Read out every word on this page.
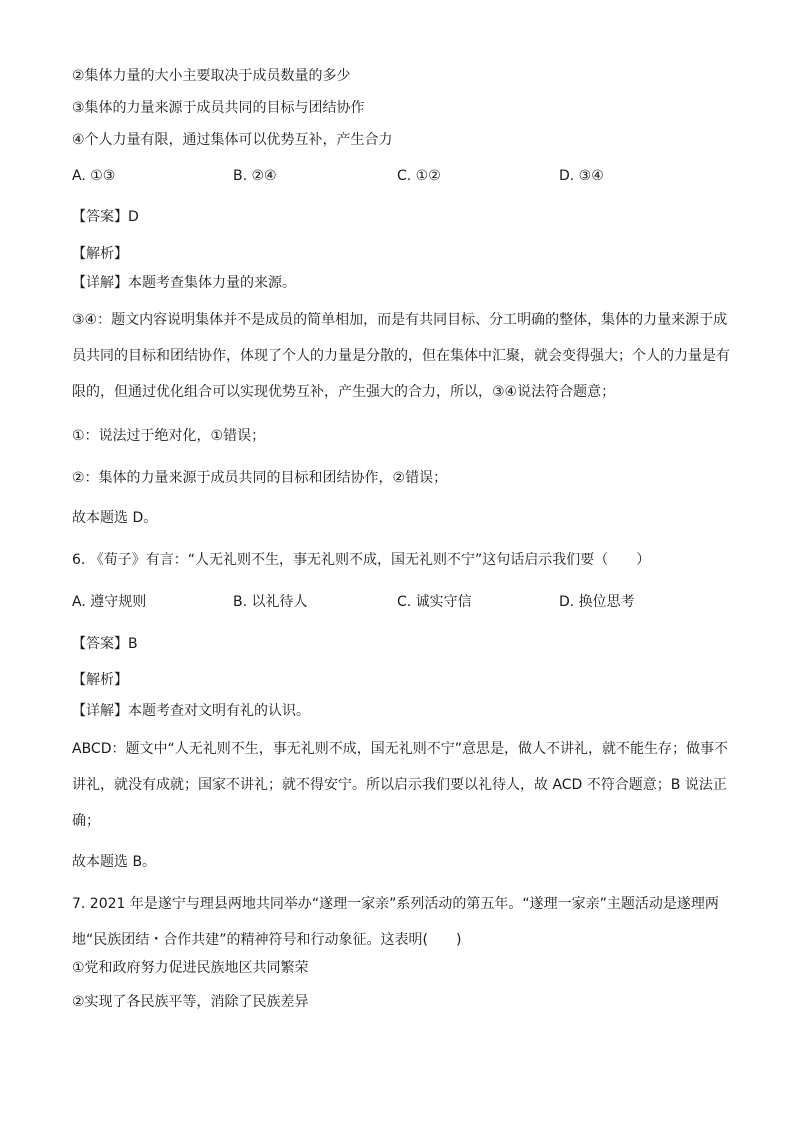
②集体力量的大小主要取决于成员数量的多少
③集体的力量来源于成员共同的目标与团结协作
④个人力量有限，通过集体可以优势互补，产生合力
A. ①③	B. ②④	C. ①②	D. ③④
【答案】D
【解析】
【详解】本题考查集体力量的来源。
③④：题文内容说明集体并不是成员的简单相加，而是有共同目标、分工明确的整体，集体的力量来源于成员共同的目标和团结协作，体现了个人的力量是分散的，但在集体中汇聚，就会变得强大；个人的力量是有限的，但通过优化组合可以实现优势互补，产生强大的合力，所以，③④说法符合题意；
①：说法过于绝对化，①错误；
②：集体的力量来源于成员共同的目标和团结协作，②错误；
故本题选 D。
6. 《荀子》有言：“人无礼则不生，事无礼则不成，国无礼则不宁”这句话启示我们要（　　）
A. 遵守规则	B. 以礼待人	C. 诚实守信	D. 换位思考
【答案】B
【解析】
【详解】本题考查对文明有礼的认识。
ABCD：题文中“人无礼则不生，事无礼则不成，国无礼则不宁”意思是，做人不讲礼，就不能生存；做事不讲礼，就没有成就；国家不讲礼；就不得安宁。所以启示我们要以礼待人，故 ACD 不符合题意；B 说法正确；
故本题选 B。
7. 2021 年是遂宁与理县两地共同举办“遂理一家亲”系列活动的第五年。“遂理一家亲”主题活动是遂理两地“民族团结・合作共建”的精神符号和行动象征。这表明(　　)
①党和政府努力促进民族地区共同繁荣
②实现了各民族平等，消除了民族差异
